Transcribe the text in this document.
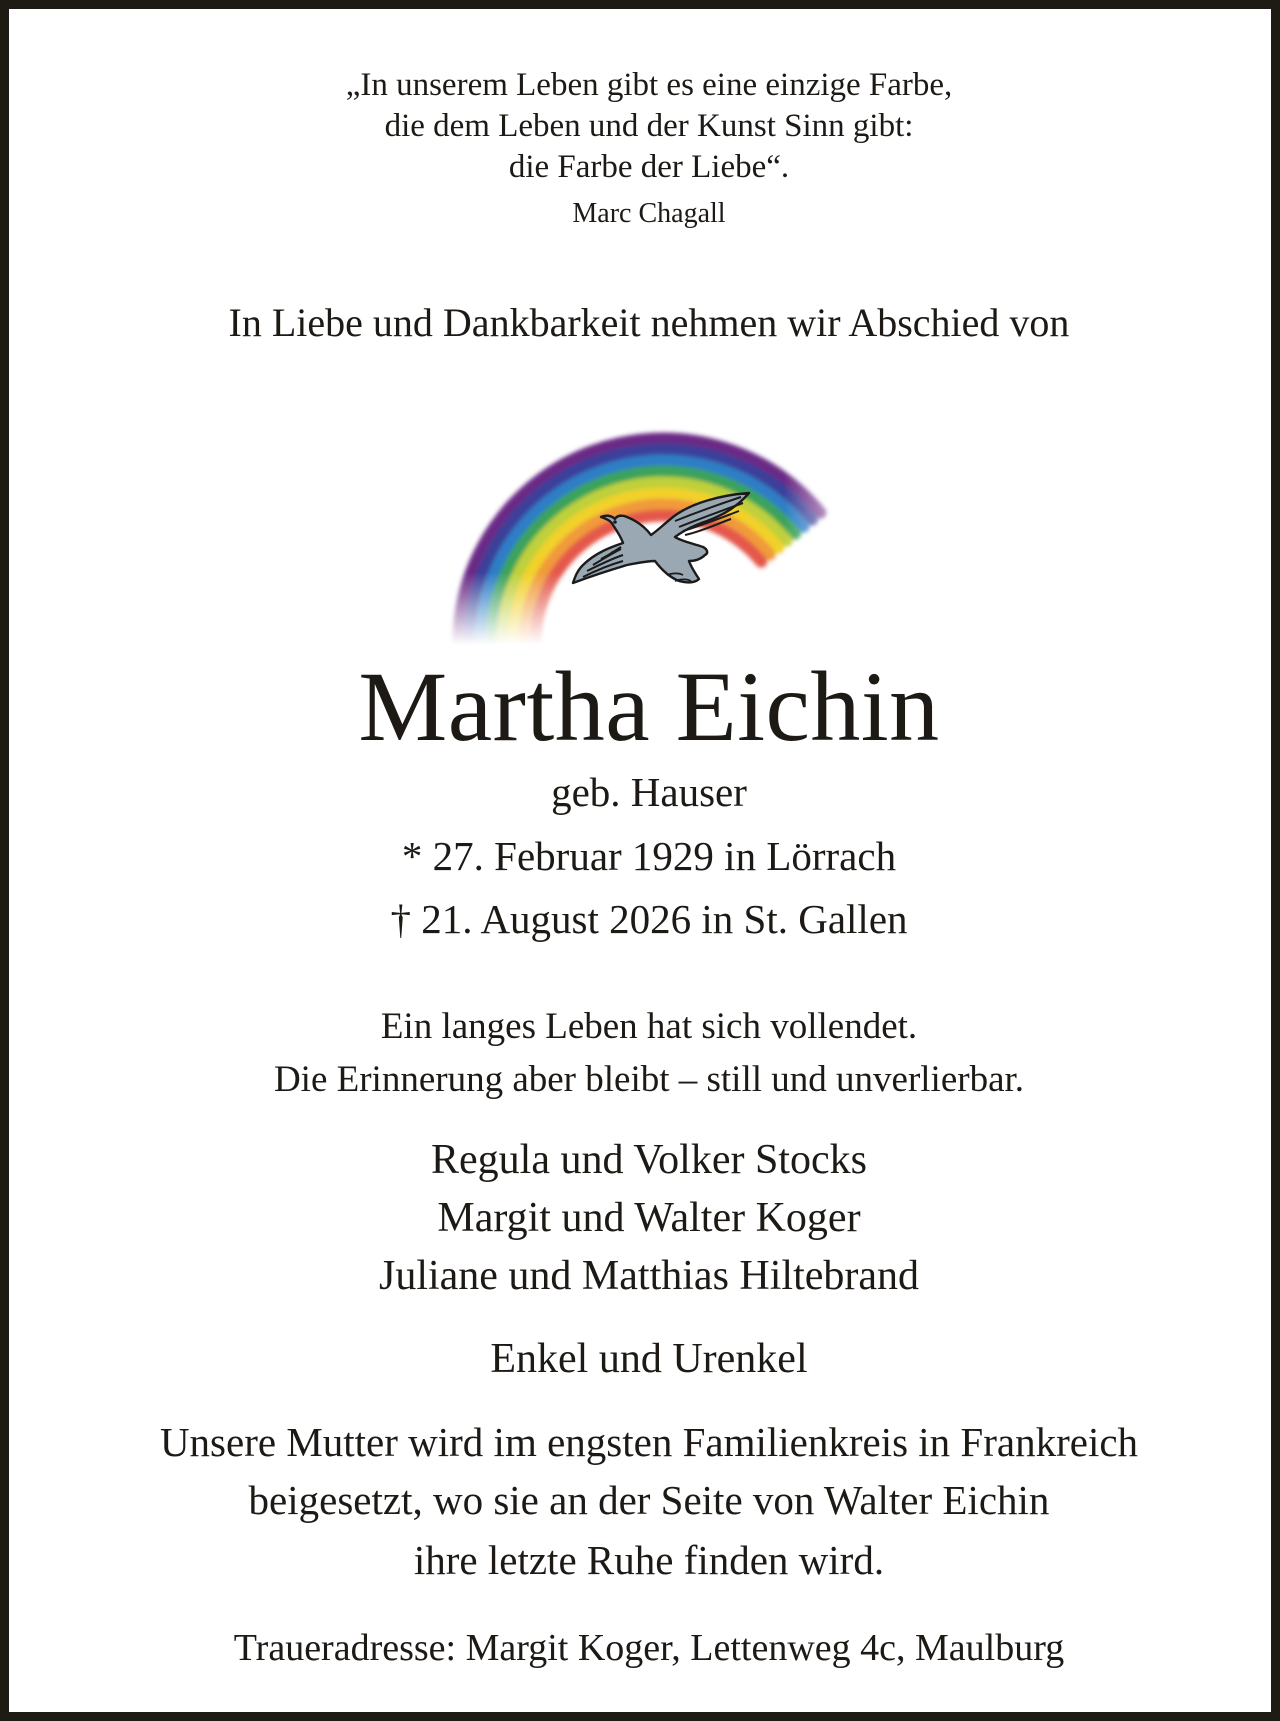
„In unserem Leben gibt es eine einzige Farbe,

die dem Leben und der Kunst Sinn gibt:

die Farbe der Liebe“.

Marc Chagall

In Liebe und Dankbarkeit nehmen wir Abschied von

Martha Eichin

geb. Hauser

* 27. Februar 1929 in Lörrach

† 21. August 2026 in St. Gallen

Ein langes Leben hat sich vollendet.

Die Erinnerung aber bleibt – still und unverlierbar.

Regula und Volker Stocks

Margit und Walter Koger

Juliane und Matthias Hiltebrand

Enkel und Urenkel

Unsere Mutter wird im engsten Familienkreis in Frankreich

beigesetzt, wo sie an der Seite von Walter Eichin

ihre letzte Ruhe finden wird.

Traueradresse: Margit Koger, Lettenweg 4c, Maulburg
